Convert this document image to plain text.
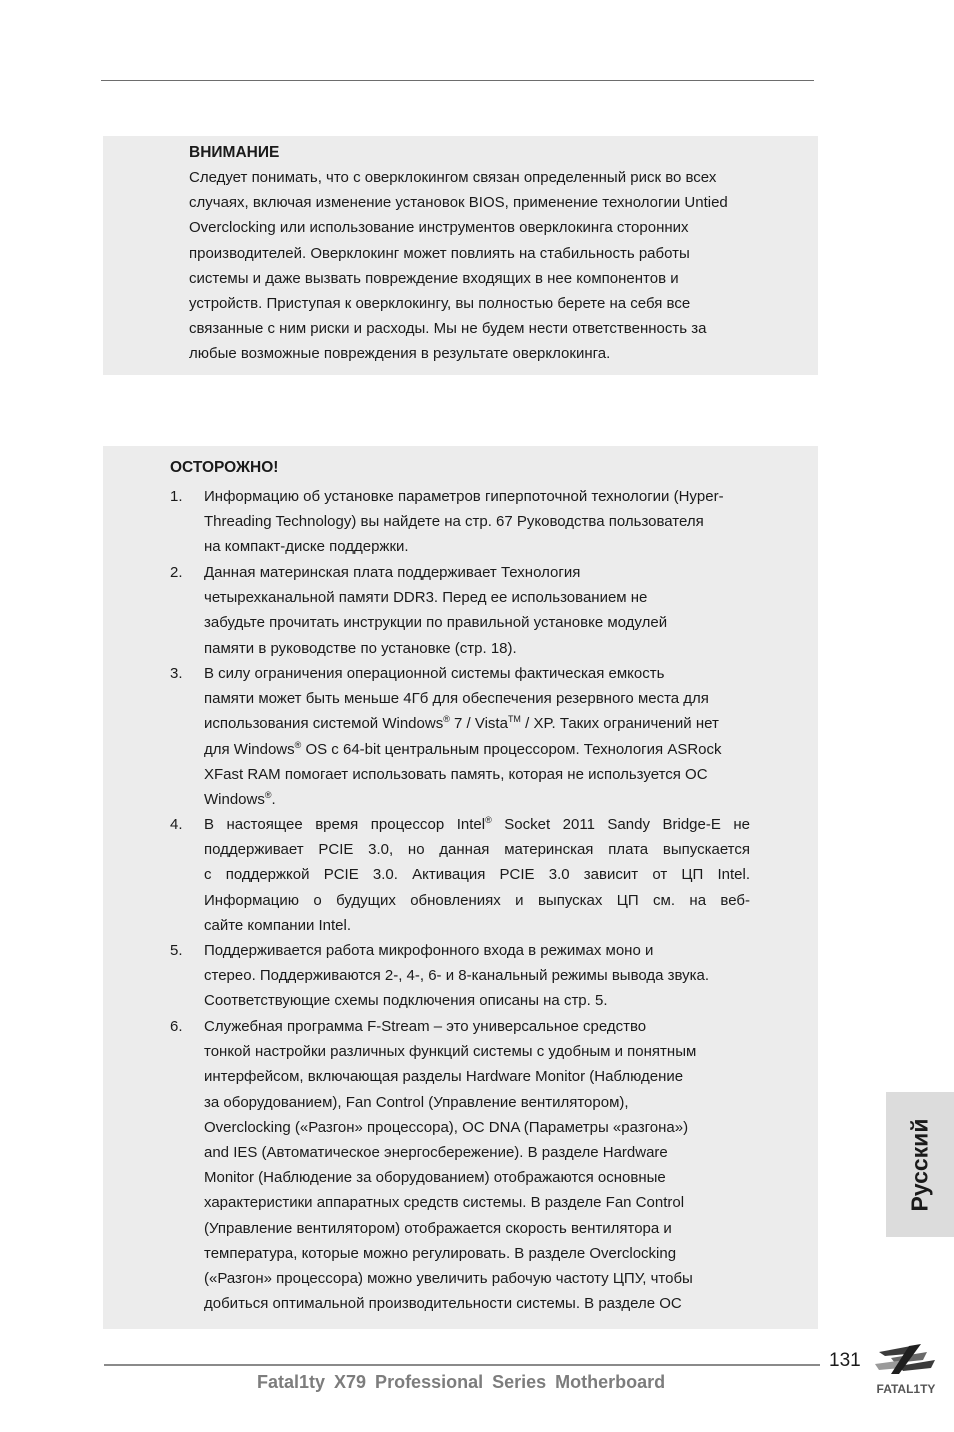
ВНИМАНИЕ
Следует понимать, что с оверклокингом связан определенный риск во всех
случаях, включая изменение установок BIOS, применение технологии Untied
Overclocking или использование инструментов оверклокинга сторонних
производителей. Оверклокинг может повлиять на стабильность работы
системы и даже вызвать повреждение входящих в нее компонентов и
устройств. Приступая к оверклокингу, вы полностью берете на себя все
связанные с ним риски и расходы. Мы не будем нести ответственность за
любые возможные повреждения в результате оверклокинга.
ОСТОРОЖНО!
1. Информацию об установке параметров гиперпоточной технологии (Hyper-
Threading Technology) вы найдете на стр. 67 Руководства пользователя
на компакт-диске поддержки.
2. Данная материнская плата поддерживает Технология
четырехканальной памяти DDR3. Перед ее использованием не
забудьте прочитать инструкции по правильной установке модулей
памяти в руководстве по установке (стр. 18).
3. В силу ограничения операционной системы фактическая емкость
памяти может быть меньше 4Гб для обеспечения резервного места для
использования системой Windows® 7 / Vista™ / XP. Таких ограничений нет
для Windows® OS с 64-bit центральным процессором. Технология ASRock
XFast RAM помогает использовать память, которая не используется ОС
Windows®.
4. В настоящее время процессор Intel® Socket 2011 Sandy Bridge-E не
поддерживает PCIE 3.0, но данная материнская плата выпускается
с поддержкой PCIE 3.0. Активация PCIE 3.0 зависит от ЦП Intel.
Информацию о будущих обновлениях и выпусках ЦП см. на веб-
сайте компании Intel.
5. Поддерживается работа микрофонного входа в режимах моно и
стерео. Поддерживаются 2-, 4-, 6- и 8-канальный режимы вывода звука.
Соответствующие схемы подключения описаны на стр. 5.
6. Служебная программа F-Stream – это универсальное средство
тонкой настройки различных функций системы с удобным и понятным
интерфейсом, включающая разделы Hardware Monitor (Наблюдение
за оборудованием), Fan Control (Управление вентилятором),
Overclocking («Разгон» процессора), OC DNA (Параметры «разгона»)
and IES (Автоматическое энергосбережение). В разделе Hardware
Monitor (Наблюдение за оборудованием) отображаются основные
характеристики аппаратных средств системы. В разделе Fan Control
(Управление вентилятором) отображается скорость вентилятора и
температура, которые можно регулировать. В разделе Overclocking
(«Разгон» процессора) можно увеличить рабочую частоту ЦПУ, чтобы
добиться оптимальной производительности системы. В разделе OC
Русский
131
Fatal1ty X79 Professional Series Motherboard	FATAL1TY
